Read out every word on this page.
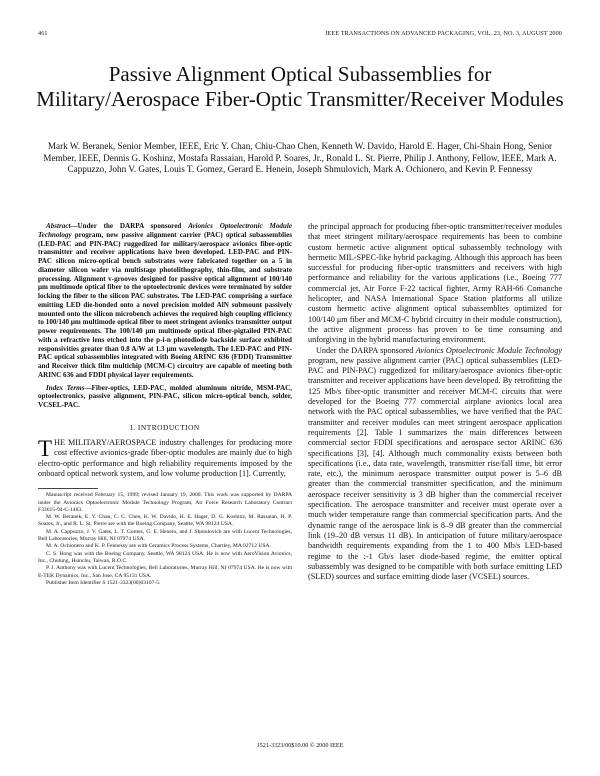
461	IEEE TRANSACTIONS ON ADVANCED PACKAGING, VOL. 23, NO. 3, AUGUST 2000
Passive Alignment Optical Subassemblies for Military/Aerospace Fiber-Optic Transmitter/Receiver Modules
Mark W. Beranek, Senior Member, IEEE, Eric Y. Chan, Chiu-Chao Chen, Kenneth W. Davido, Harold E. Hager, Chi-Shain Hong, Senior Member, IEEE, Dennis G. Koshinz, Mostafa Rassaian, Harold P. Soares, Jr., Ronald L. St. Pierre, Philip J. Anthony, Fellow, IEEE, Mark A. Cappuzzo, John V. Gates, Louis T. Gomez, Gerard E. Henein, Joseph Shmulovich, Mark A. Ochionero, and Kevin P. Fennessy
Abstract—Under the DARPA sponsored Avionics Optoelectronic Module Technology program, new passive alignment carrier (PAC) optical subassemblies (LED-PAC and PIN-PAC) ruggedized for military/aerospace avionics fiber-optic transmitter and receiver applications have been developed. LED-PAC and PIN-PAC silicon micro-optical bench substrates were fabricated together on a 5 in diameter silicon wafer via multistage photolithography, thin-film, and substrate processing. Alignment v-grooves designed for passive optical alignment of 100/140 μm multimode optical fiber to the optoelectronic devices were terminated by solder locking the fiber to the silicon PAC substrates. The LED-PAC comprising a surface emitting LED die-bonded onto a novel precision molded AlN submount passively mounted onto the silicon microbench achieves the required high coupling efficiency to 100/140 μm multimode optical fiber to meet stringent avionics transmitter output power requirements. The 100/140 μm multimode optical fiber-pigtailed PIN-PAC with a refractive lens etched into the p-i-n photodiode backside surface exhibited responsivities greater than 0.8 A/W at 1.3 μm wavelength. The LED-PAC and PIN-PAC optical subassemblies integrated with Boeing ARINC 636 (FDDI) Transmitter and Receiver thick film multichip (MCM-C) circuitry are capable of meeting both ARINC 636 and FDDI physical layer requirements.
Index Terms—Fiber-optics, LED-PAC, molded aluminum nitride, MSM-PAC, optoelectronics, passive alignment, PIN-PAC, silicon micro-optical bench, solder, VCSEL-PAC.
I. INTRODUCTION
THE MILITARY/AEROSPACE industry challenges for producing more cost effective avionics-grade fiber-optic modules are mainly due to high electro-optic performance and high reliability requirements imposed by the onboard optical network system, and low volume production [1]. Currently,

Manuscript received February 15, 1999; revised January 19, 2000. This work was supported by DARPA under the Avionics Optoelectronic Module Technology Program, Air Force Research Laboratory Contract F33615-94-C-1483.

M. W. Beranek, E. Y. Chan, C. C. Chen, K. W. Davido, H. E. Hager, D. G. Koshinz, M. Rassaian, H. P. Soares, Jr., and R. L. St. Pierre are with the Boeing Company, Seattle, WA 98124 USA.

M. A. Cappuzzo, J. V. Gates, L. T. Gomez, G. E. Henein, and J. Shmulovich are with Lucent Technologies, Bell Laboratories, Murray Hill, NJ 07974 USA.

M. A. Ochionero and K. P. Fennessy are with Ceramics Process Systems, Chartley, MA 02712 USA.

C. S. Hong was with the Boeing Company, Seattle, WA 98124 USA. He is now with AeroVision Avionics, Inc., Chutung, Hsinchu, Taiwan, R.O.C.

P. J. Anthony was with Lucent Technologies, Bell Laboratories, Murray Hill, NJ 07974 USA. He is now with E-TEK Dynamics, Inc., San Jose, CA 95131 USA.

Publisher Item Identifier S 1521-3323(00)03107-5.

the principal approach for producing fiber-optic transmitter/receiver modules that meet stringent military/aerospace requirements has been to combine custom hermetic active alignment optical subassembly technology with hermetic MIL-SPEC-like hybrid packaging. Although this approach has been successful for producing fiber-optic transmitters and receivers with high performance and reliability for the various applications (i.e., Boeing 777 commercial jet, Air Force F-22 tactical fighter, Army RAH-66 Comanche helicopter, and NASA International Space Station platforms all utilize custom hermetic active alignment optical subassemblies optimized for 100/140 μm fiber and MCM-C hybrid circuitry in their module construction), the active alignment process has proven to be time consuming and unforgiving in the hybrid manufacturing environment.

Under the DARPA sponsored Avionics Optoelectronic Module Technology program, new passive alignment carrier (PAC) optical subassemblies (LED-PAC and PIN-PAC) ruggedized for military/aerospace avionics fiber-optic transmitter and receiver applications have been developed. By retrofitting the 125 Mb/s fiber-optic transmitter and receiver MCM-C circuits that were developed for the Boeing 777 commercial airplane avionics local area network with the PAC optical subassemblies, we have verified that the PAC transmitter and receiver modules can meet stringent aerospace application requirements [2]. Table I summarizes the main differences between commercial sector FDDI specifications and aerospace sector ARINC 636 specifications [3], [4]. Although much commonality exists between both specifications (i.e., data rate, wavelength, transmitter rise/fall time, bit error rate, etc.), the minimum aerospace transmitter output power is 5–6 dB greater than the commercial transmitter specification, and the minimum aerospace receiver sensitivity is 3 dB higher than the commercial receiver specification. The aerospace transmitter and receiver must operate over a much wider temperature range than commercial specification parts. And the dynamic range of the aerospace link is 8–9 dB greater than the commercial link (19–20 dB versus 11 dB). In anticipation of future military/aerospace bandwidth requirements expanding from the 1 to 400 Mb/s LED-based regime to the :-1 Gb/s laser diode-based regime, the emitter optical subassembly was designed to be compatible with both surface emitting LED (SLED) sources and surface emitting diode laser (VCSEL) sources.

1521-3323/00$10.00 © 2000 IEEE
